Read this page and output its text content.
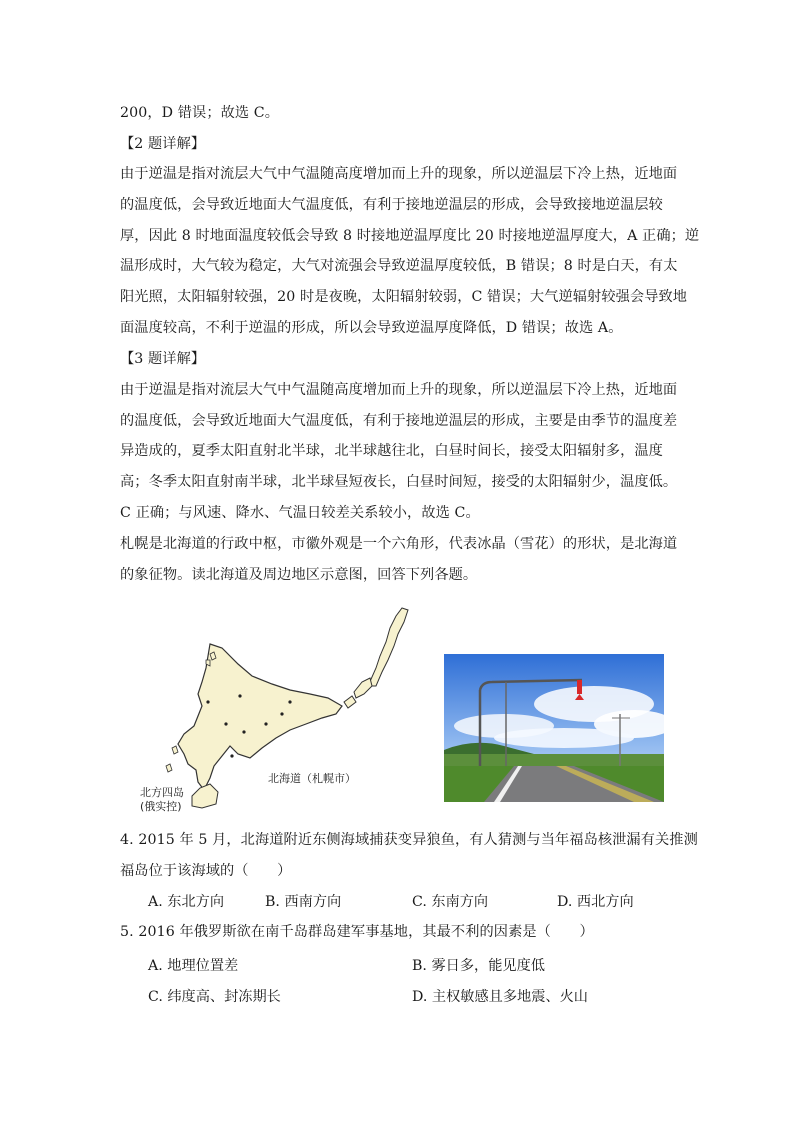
200，D 错误；故选 C。
【2 题详解】
由于逆温是指对流层大气中气温随高度增加而上升的现象，所以逆温层下冷上热，近地面
的温度低，会导致近地面大气温度低，有利于接地逆温层的形成，会导致接地逆温层较
厚，因此 8 时地面温度较低会导致 8 时接地逆温厚度比 20 时接地逆温厚度大，A 正确；逆
温形成时，大气较为稳定，大气对流强会导致逆温厚度较低，B 错误；8 时是白天，有太
阳光照，太阳辐射较强，20 时是夜晚，太阳辐射较弱，C 错误；大气逆辐射较强会导致地
面温度较高，不利于逆温的形成，所以会导致逆温厚度降低，D 错误；故选 A。
【3 题详解】
由于逆温是指对流层大气中气温随高度增加而上升的现象，所以逆温层下冷上热，近地面
的温度低，会导致近地面大气温度低，有利于接地逆温层的形成，主要是由季节的温度差
异造成的，夏季太阳直射北半球，北半球越往北，白昼时间长，接受太阳辐射多，温度
高；冬季太阳直射南半球，北半球昼短夜长，白昼时间短，接受的太阳辐射少，温度低。
C 正确；与风速、降水、气温日较差关系较小，故选 C。
札幌是北海道的行政中枢，市徽外观是一个六角形，代表冰晶（雪花）的形状，是北海道
的象征物。读北海道及周边地区示意图，回答下列各题。
北海道（札幌市）
北方四岛
(俄实控)
4. 2015 年 5 月，北海道附近东侧海域捕获变异狼鱼，有人猜测与当年福岛核泄漏有关推测
福岛位于该海域的（　　）
A. 东北方向	B. 西南方向	C. 东南方向	D. 西北方向
5. 2016 年俄罗斯欲在南千岛群岛建军事基地，其最不利的因素是（　　）
A. 地理位置差	B. 雾日多，能见度低
C. 纬度高、封冻期长	D. 主权敏感且多地震、火山
